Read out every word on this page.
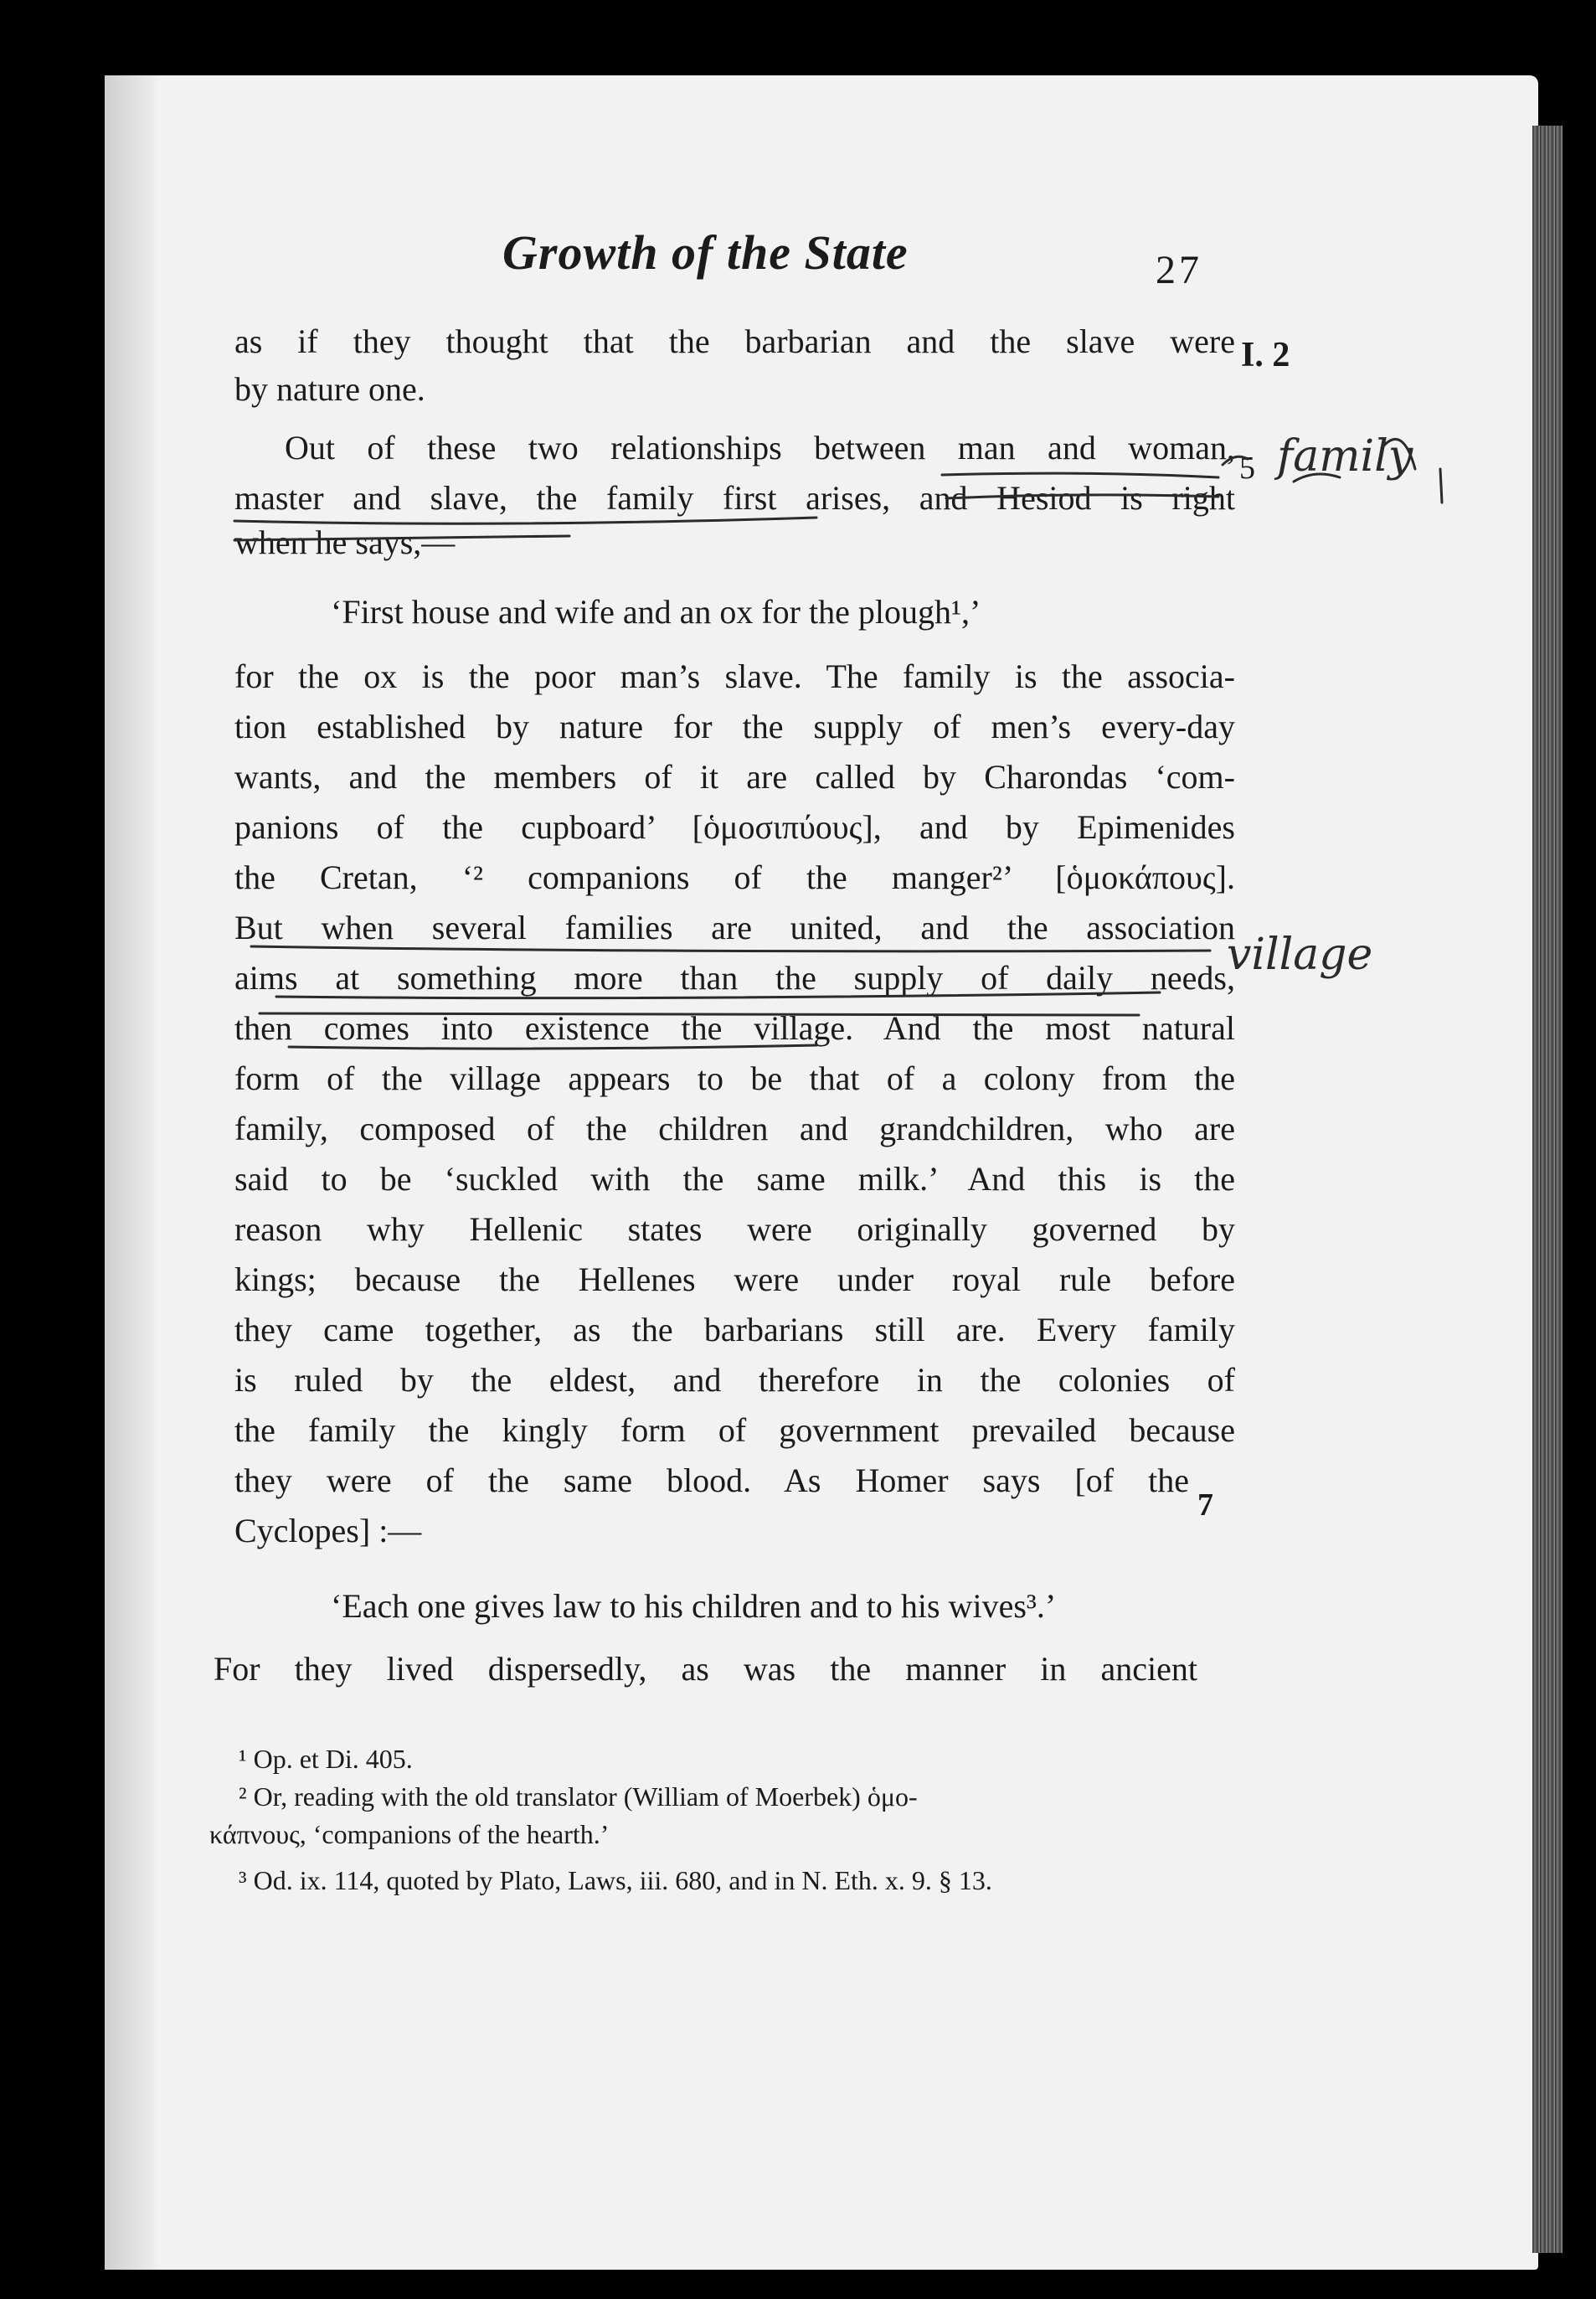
Growth of the State	27
I. 2
5
7
as if they thought that the barbarian and the slave were
by nature one.
Out of these two relationships between man and woman,
master and slave, the family first arises, and Hesiod is right
when he says,—
‘First house and wife and an ox for the plough¹,’
for the ox is the poor man’s slave. The family is the associa-
tion established by nature for the supply of men’s every-day
wants, and the members of it are called by Charondas ‘com-
panions of the cupboard’ [ὁμοσιπύους], and by Epimenides
the Cretan, ‘² companions of the manger²’ [ὁμοκάπους].
But when several families are united, and the association
aims at something more than the supply of daily needs,
then comes into existence the village. And the most natural
form of the village appears to be that of a colony from the
family, composed of the children and grandchildren, who are
said to be ‘suckled with the same milk.’ And this is the
reason why Hellenic states were originally governed by
kings; because the Hellenes were under royal rule before
they came together, as the barbarians still are. Every family
is ruled by the eldest, and therefore in the colonies of
the family the kingly form of government prevailed because
they were of the same blood. As Homer says [of the
Cyclopes] :—
‘Each one gives law to his children and to his wives³.’
For they lived dispersedly, as was the manner in ancient
¹ Op. et Di. 405.
² Or, reading with the old translator (William of Moerbek) ὁμο-
κάπνους, ‘companions of the hearth.’
³ Od. ix. 114, quoted by Plato, Laws, iii. 680, and in N. Eth. x. 9. § 13.
family
village
